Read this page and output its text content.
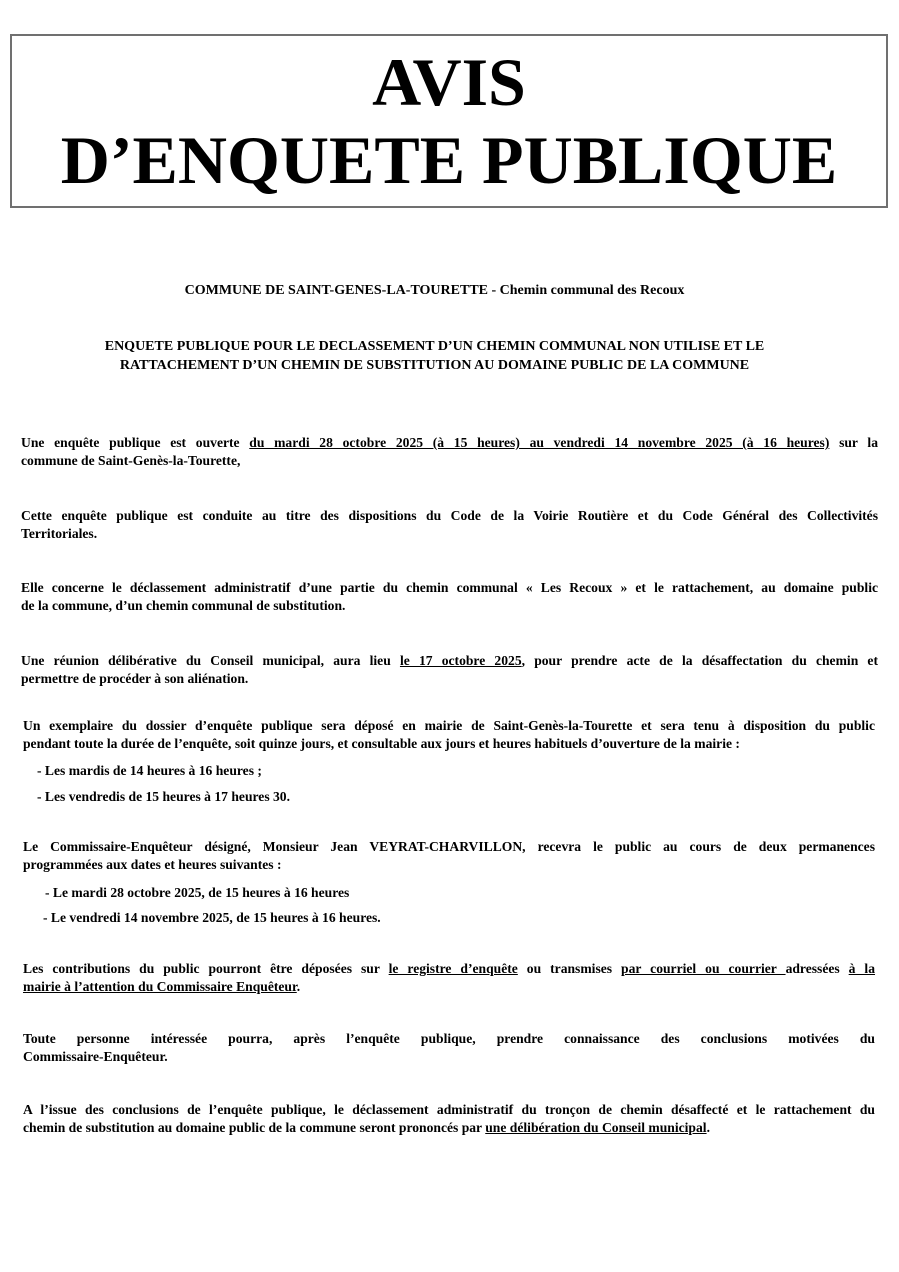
AVIS
D’ENQUETE PUBLIQUE
COMMUNE DE SAINT-GENES-LA-TOURETTE - Chemin communal des Recoux
ENQUETE PUBLIQUE POUR LE DECLASSEMENT D’UN CHEMIN COMMUNAL NON UTILISE ET LE
RATTACHEMENT D’UN CHEMIN DE SUBSTITUTION AU DOMAINE PUBLIC DE LA COMMUNE
Une enquête publique est ouverte du mardi 28 octobre 2025 (à 15 heures) au vendredi 14 novembre 2025 (à 16 heures) sur la
commune de Saint-Genès-la-Tourette,
Cette enquête publique est conduite au titre des dispositions du Code de la Voirie Routière et du Code Général des Collectivités
Territoriales.
Elle concerne le déclassement administratif d’une partie du chemin communal « Les Recoux » et le rattachement, au domaine public
de la commune, d’un chemin communal de substitution.
Une réunion délibérative du Conseil municipal, aura lieu le 17 octobre 2025, pour prendre acte de la désaffectation du chemin et
permettre de procéder à son aliénation.
Un exemplaire du dossier d’enquête publique sera déposé en mairie de Saint-Genès-la-Tourette et sera tenu à disposition du public
pendant toute la durée de l’enquête, soit quinze jours, et consultable aux jours et heures habituels d’ouverture de la mairie :
- Les mardis de 14 heures à 16 heures ;
- Les vendredis de 15 heures à 17 heures 30.
Le Commissaire-Enquêteur désigné, Monsieur Jean VEYRAT-CHARVILLON, recevra le public au cours de deux permanences
programmées aux dates et heures suivantes :
- Le mardi 28 octobre 2025, de 15 heures à 16 heures
- Le vendredi 14 novembre 2025, de 15 heures à 16 heures.
Les contributions du public pourront être déposées sur le registre d’enquête ou transmises par courriel ou courrier adressées à la
mairie à l’attention du Commissaire Enquêteur.
Toute personne intéressée pourra, après l’enquête publique, prendre connaissance des conclusions motivées du
Commissaire-Enquêteur.
A l’issue des conclusions de l’enquête publique, le déclassement administratif du tronçon de chemin désaffecté et le rattachement du
chemin de substitution au domaine public de la commune seront prononcés par une délibération du Conseil municipal.
